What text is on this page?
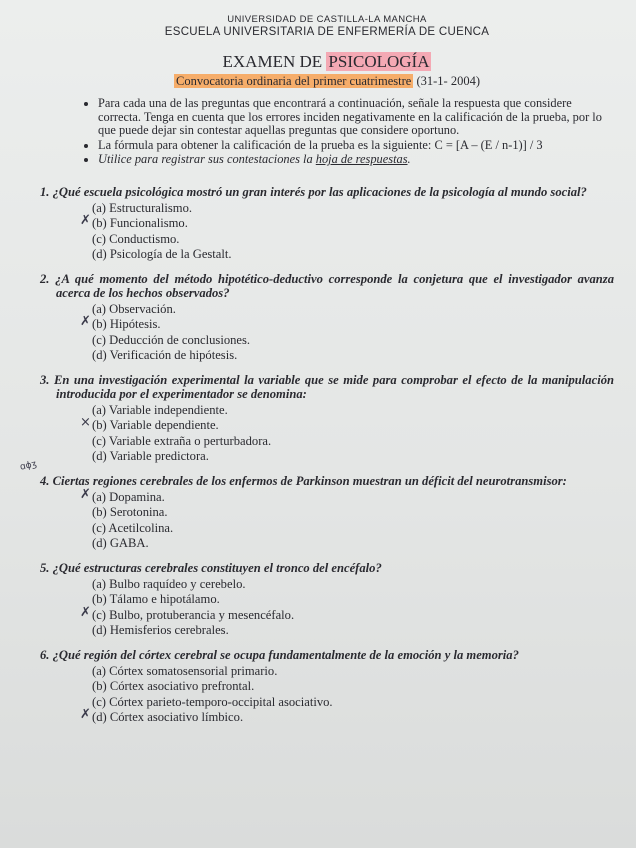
UNIVERSIDAD DE CASTILLA-LA MANCHA
ESCUELA UNIVERSITARIA DE ENFERMERÍA DE CUENCA
EXAMEN DE PSICOLOGÍA
Convocatoria ordinaria del primer cuatrimestre (31-1- 2004)
• Para cada una de las preguntas que encontrará a continuación, señale la respuesta que considere correcta. Tenga en cuenta que los errores inciden negativamente en la calificación de la prueba, por lo que puede dejar sin contestar aquellas preguntas que considere oportuno.
• La fórmula para obtener la calificación de la prueba es la siguiente: C = [A – (E / n-1)] / 3
• Utilice para registrar sus contestaciones la hoja de respuestas.
1. ¿Qué escuela psicológica mostró un gran interés por las aplicaciones de la psicología al mundo social?
(a) Estructuralismo.
✗ (b) Funcionalismo.
(c) Conductismo.
(d) Psicología de la Gestalt.
2. ¿A qué momento del método hipotético-deductivo corresponde la conjetura que el investigador avanza acerca de los hechos observados?
(a) Observación.
✗ (b) Hipótesis.
(c) Deducción de conclusiones.
(d) Verificación de hipótesis.
3. En una investigación experimental la variable que se mide para comprobar el efecto de la manipulación introducida por el experimentador se denomina:
(a) Variable independiente.
× (b) Variable dependiente.
(c) Variable extraña o perturbadora.
(d) Variable predictora.
4. Ciertas regiones cerebrales de los enfermos de Parkinson muestran un déficit del neurotransmisor:
✗ (a) Dopamina.
(b) Serotonina.
(c) Acetilcolina.
(d) GABA.
5. ¿Qué estructuras cerebrales constituyen el tronco del encéfalo?
(a) Bulbo raquídeo y cerebelo.
(b) Tálamo e hipotálamo.
✗ (c) Bulbo, protuberancia y mesencéfalo.
(d) Hemisferios cerebrales.
6. ¿Qué región del córtex cerebral se ocupa fundamentalmente de la emoción y la memoria?
(a) Córtex somatosensorial primario.
(b) Córtex asociativo prefrontal.
(c) Córtex parieto-temporo-occipital asociativo.
✗ (d) Córtex asociativo límbico.
ɑɸʒ
